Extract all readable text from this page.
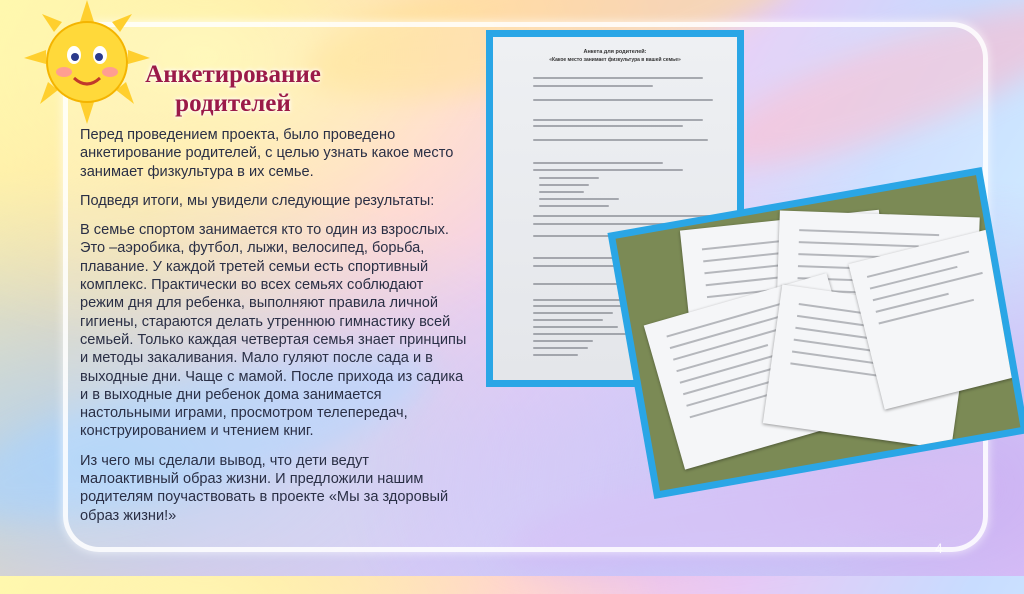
Анкетирование родителей

Перед проведением проекта, было проведено анкетирование родителей, с целью узнать какое место занимает физкультура в их семье.

Подведя итоги, мы увидели следующие результаты:

В семье спортом занимается кто то один из взрослых. Это –аэробика, футбол, лыжи, велосипед, борьба, плавание. У каждой третей семьи есть спортивный комплекс. Практически во всех семьях соблюдают режим дня для ребенка, выполняют правила личной гигиены, стараются делать утреннюю гимнастику всей семьей. Только каждая четвертая семья знает принципы и методы закаливания. Мало гуляют после сада и в выходные дни. Чаще с мамой. После прихода из садика и в выходные дни ребенок дома занимается настольными играми, просмотром телепередач, конструированием и чтением книг.

Из чего мы сделали вывод, что дети ведут малоактивный образ жизни. И предложили нашим родителям поучаствовать в проекте «Мы за здоровый образ жизни!»

Анкета для родителей:
«Какое место занимает физкультура в вашей семье»
4
